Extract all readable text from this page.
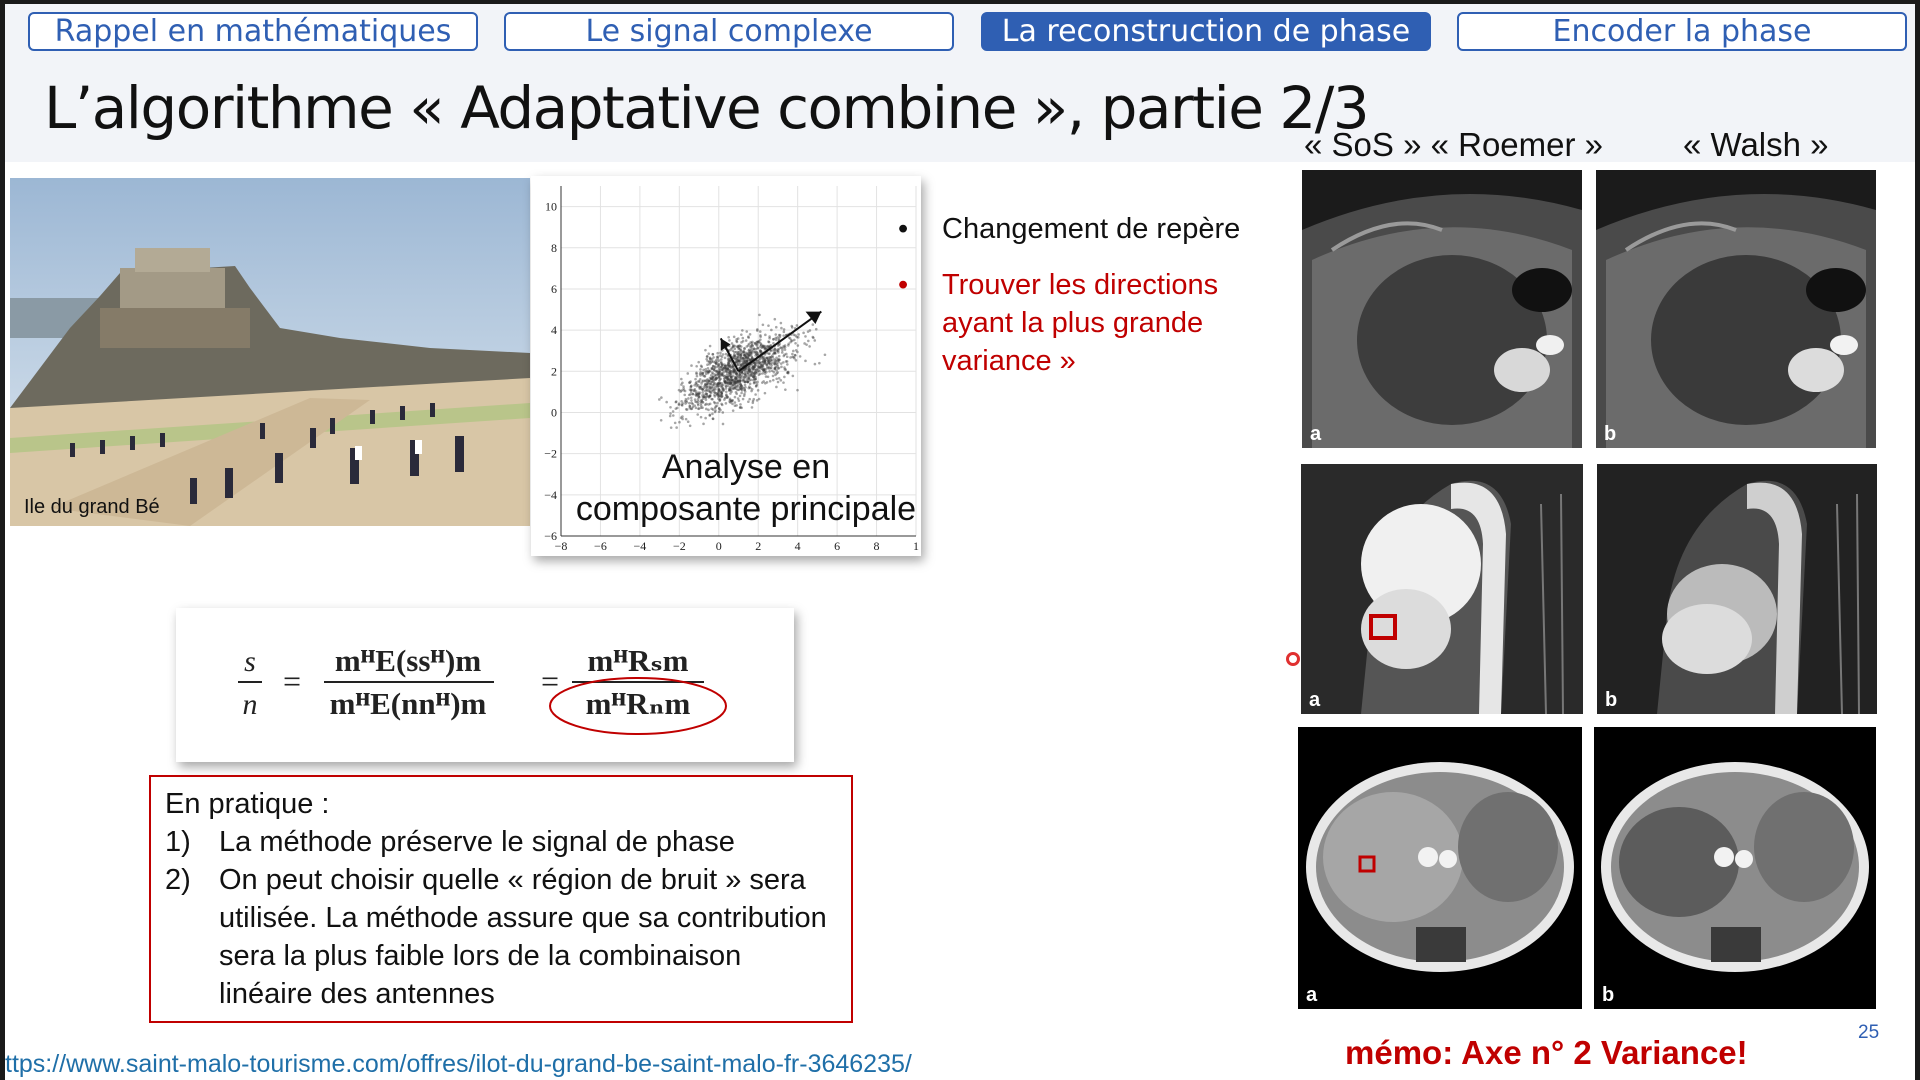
Rappel en mathématiques	Le signal complexe	La reconstruction de phase	Encoder la phase
L’algorithme « Adaptative combine », partie 2/3
Ile du grand Bé
10
8
6
4
2
0
−2
−4
−6
−8 −6 −4 −2	0	2	4	6	8	1
Analyse en
composante principale
• Changement de repère
• Trouver les directions ayant la plus grande variance »
s
n
=
mᴴE(ssᴴ)m
mᴴE(nnᴴ)m
=
mᴴRₛm
mᴴRₙm
En pratique :
1) La méthode préserve le signal de phase
2) On peut choisir quelle « région de bruit » sera utilisée. La méthode assure que sa contribution sera la plus faible lors de la combinaison linéaire des antennes
ttps://www.saint-malo-tourisme.com/offres/ilot-du-grand-be-saint-malo-fr-3646235/
« SoS » « Roemer » « Walsh »
a	b
a	b
a	b
mémo: Axe n° 2 Variance!
25
